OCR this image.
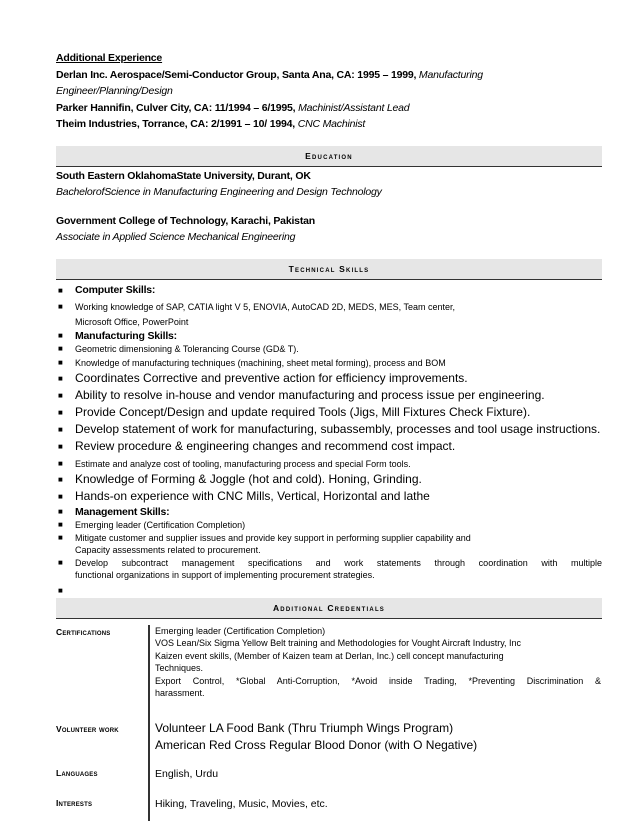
Additional Experience
Derlan Inc. Aerospace/Semi-Conductor Group, Santa Ana, CA: 1995 – 1999, Manufacturing
Engineer/Planning/Design
Parker Hannifin, Culver City, CA: 11/1994 – 6/1995, Machinist/Assistant Lead
Theim Industries, Torrance, CA: 2/1991 – 10/ 1994, CNC Machinist
Education
South Eastern OklahomaState University, Durant, OK
BachelorofScience in Manufacturing Engineering and Design Technology
Government College of Technology, Karachi, Pakistan
Associate in Applied Science Mechanical Engineering
Technical Skills
■ Computer Skills:
■ Working knowledge of SAP, CATIA light V 5, ENOVIA, AutoCAD 2D, MEDS, MES, Team center,
Microsoft Office, PowerPoint
■ Manufacturing Skills:
■ Geometric dimensioning & Tolerancing Course (GD& T).
■ Knowledge of manufacturing techniques (machining, sheet metal forming), process and BOM
■ Coordinates Corrective and preventive action for efficiency improvements.
■ Ability to resolve in-house and vendor manufacturing and process issue per engineering.
■ Provide Concept/Design and update required Tools (Jigs, Mill Fixtures Check Fixture).
■ Develop statement of work for manufacturing, subassembly, processes and tool usage instructions.
■ Review procedure & engineering changes and recommend cost impact.
■ Estimate and analyze cost of tooling, manufacturing process and special Form tools.
■ Knowledge of Forming & Joggle (hot and cold). Honing, Grinding.
■ Hands-on experience with CNC Mills, Vertical, Horizontal and lathe
■ Management Skills:
■ Emerging leader (Certification Completion)
■ Mitigate customer and supplier issues and provide key support in performing supplier capability and
Capacity assessments related to procurement.
■ Develop subcontract management specifications and work statements through coordination with multiple
functional organizations in support of implementing procurement strategies.
■
Additional Credentials
Certifications	Emerging leader (Certification Completion)
VOS Lean/Six Sigma Yellow Belt training and Methodologies for Vought Aircraft Industry, Inc
Kaizen event skills, (Member of Kaizen team at Derlan, Inc.) cell concept manufacturing
Techniques.
Export Control, *Global Anti-Corruption, *Avoid inside Trading, *Preventing Discrimination &
harassment.
Volunteer work	Volunteer LA Food Bank (Thru Triumph Wings Program)
American Red Cross Regular Blood Donor (with O Negative)
Languages	English, Urdu
Interests	Hiking, Traveling, Music, Movies, etc.
